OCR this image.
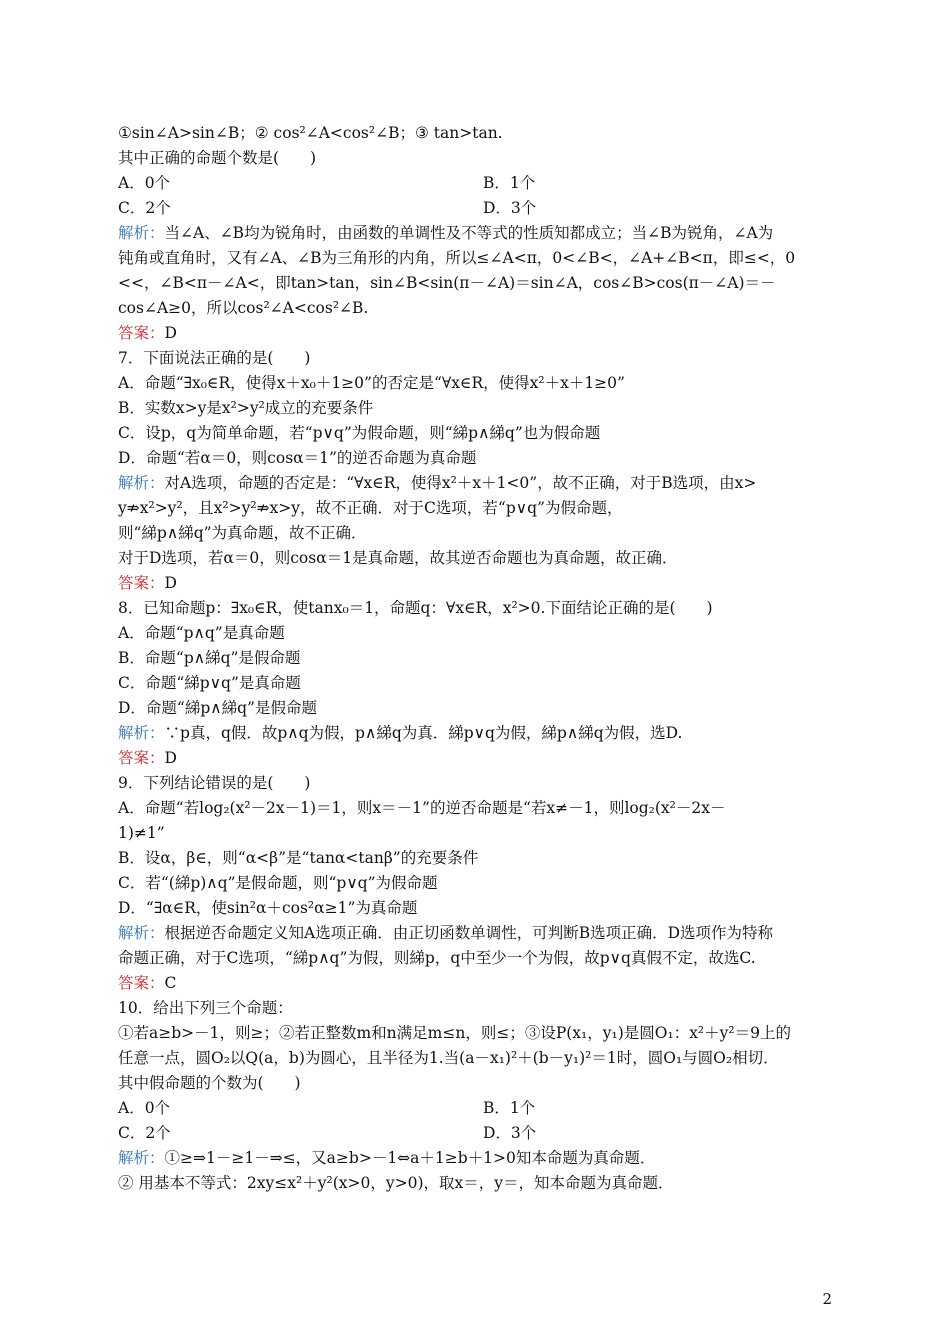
①sin∠A>sin∠B；② cos²∠A<cos²∠B；③ tan>tan.
其中正确的命题个数是(　　)
A．0个	B．1个
C．2个	D．3个
解析：当∠A、∠B均为锐角时，由函数的单调性及不等式的性质知都成立；当∠B为锐角，∠A为
钝角或直角时，又有∠A、∠B为三角形的内角，所以≤∠A<π，0<∠B<，∠A+∠B<π，即≤<，0
<<，∠B<π－∠A<，即tan>tan，sin∠B<sin(π－∠A)＝sin∠A，cos∠B>cos(π－∠A)＝－
cos∠A≥0，所以cos²∠A<cos²∠B.
答案：D
7．下面说法正确的是(　　)
A．命题“∃x₀∈R，使得x＋x₀＋1≥0”的否定是“∀x∈R，使得x²＋x＋1≥0”
B．实数x>y是x²>y²成立的充要条件
C．设p，q为简单命题，若“p∨q”为假命题，则“綈p∧綈q”也为假命题
D．命题“若α＝0，则cosα＝1”的逆否命题为真命题
解析：对A选项，命题的否定是：“∀x∈R，使得x²＋x＋1<0”，故不正确，对于B选项，由x>
y⇏x²>y²，且x²>y²⇏x>y，故不正确．对于C选项，若“p∨q”为假命题，
则“綈p∧綈q”为真命题，故不正确．
对于D选项，若α＝0，则cosα＝1是真命题，故其逆否命题也为真命题，故正确．
答案：D
8．已知命题p：∃x₀∈R，使tanx₀＝1，命题q：∀x∈R，x²>0.下面结论正确的是(　　)
A．命题“p∧q”是真命题
B．命题“p∧綈q”是假命题
C．命题“綈p∨q”是真命题
D．命题“綈p∧綈q”是假命题
解析：∵p真，q假．故p∧q为假，p∧綈q为真．綈p∨q为假，綈p∧綈q为假，选D.
答案：D
9．下列结论错误的是(　　)
A．命题“若log₂(x²－2x－1)＝1，则x＝－1”的逆否命题是“若x≠－1，则log₂(x²－2x－
1)≠1”
B．设α，β∈，则“α<β”是“tanα<tanβ”的充要条件
C．若“(綈p)∧q”是假命题，则“p∨q”为假命题
D．“∃α∈R，使sin²α＋cos²α≥1”为真命题
解析：根据逆否命题定义知A选项正确．由正切函数单调性，可判断B选项正确．D选项作为特称
命题正确，对于C选项，“綈p∧q”为假，则綈p，q中至少一个为假，故p∨q真假不定，故选C.
答案：C
10．给出下列三个命题：
①若a≥b>－1，则≥；②若正整数m和n满足m≤n，则≤；③设P(x₁，y₁)是圆O₁：x²＋y²＝9上的
任意一点，圆O₂以Q(a，b)为圆心，且半径为1.当(a－x₁)²＋(b－y₁)²＝1时，圆O₁与圆O₂相切．
其中假命题的个数为(　　)
A．0个	B．1个
C．2个	D．3个
解析：①≥⇒1－≥1－⇒≤，又a≥b>－1⇔a＋1≥b＋1>0知本命题为真命题．
② 用基本不等式：2xy≤x²＋y²(x>0，y>0)，取x＝，y＝，知本命题为真命题．
2
